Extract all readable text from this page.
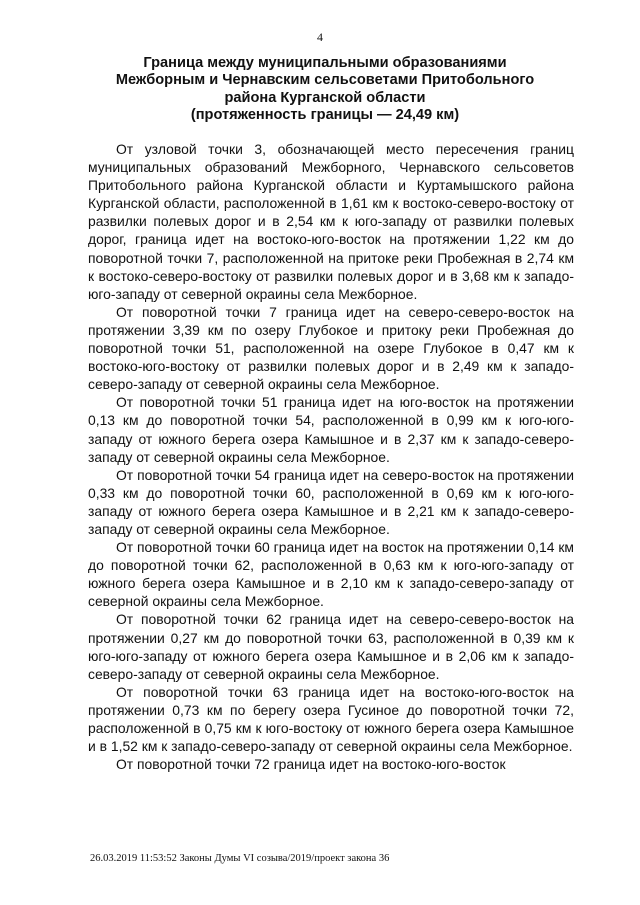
4
Граница между муниципальными образованиями
Межборным и Чернавским сельсоветами Притобольного
района Курганской области
(протяженность границы — 24,49 км)

От узловой точки 3, обозначающей место пересечения границ муниципальных образований Межборного, Чернавского сельсоветов Притобольного района Курганской области и Куртамышского района Курганской области, расположенной в 1,61 км к востоко-северо-востоку от развилки полевых дорог и в 2,54 км к юго-западу от развилки полевых дорог, граница идет на востоко-юго-восток на протяжении 1,22 км до поворотной точки 7, расположенной на притоке реки Пробежная в 2,74 км к востоко-северо-востоку от развилки полевых дорог и в 3,68 км к западо-юго-западу от северной окраины села Межборное.

От поворотной точки 7 граница идет на северо-северо-восток на протяжении 3,39 км по озеру Глубокое и притоку реки Пробежная до поворотной точки 51, расположенной на озере Глубокое в 0,47 км к востоко-юго-востоку от развилки полевых дорог и в 2,49 км к западо-северо-западу от северной окраины села Межборное.

От поворотной точки 51 граница идет на юго-восток на протяжении 0,13 км до поворотной точки 54, расположенной в 0,99 км к юго-юго-западу от южного берега озера Камышное и в 2,37 км к западо-северо-западу от северной окраины села Межборное.

От поворотной точки 54 граница идет на северо-восток на протяжении 0,33 км до поворотной точки 60, расположенной в 0,69 км к юго-юго-западу от южного берега озера Камышное и в 2,21 км к западо-северо-западу от северной окраины села Межборное.

От поворотной точки 60 граница идет на восток на протяжении 0,14 км до поворотной точки 62, расположенной в 0,63 км к юго-юго-западу от южного берега озера Камышное и в 2,10 км к западо-северо-западу от северной окраины села Межборное.

От поворотной точки 62 граница идет на северо-северо-восток на протяжении 0,27 км до поворотной точки 63, расположенной в 0,39 км к юго-юго-западу от южного берега озера Камышное и в 2,06 км к западо-северо-западу от северной окраины села Межборное.

От поворотной точки 63 граница идет на востоко-юго-восток на протяжении 0,73 км по берегу озера Гусиное до поворотной точки 72, расположенной в 0,75 км к юго-востоку от южного берега озера Камышное и в 1,52 км к западо-северо-западу от северной окраины села Межборное.

От поворотной точки 72 граница идет на востоко-юго-восток

26.03.2019 11:53:52 Законы Думы VI созыва/2019/проект закона 36
